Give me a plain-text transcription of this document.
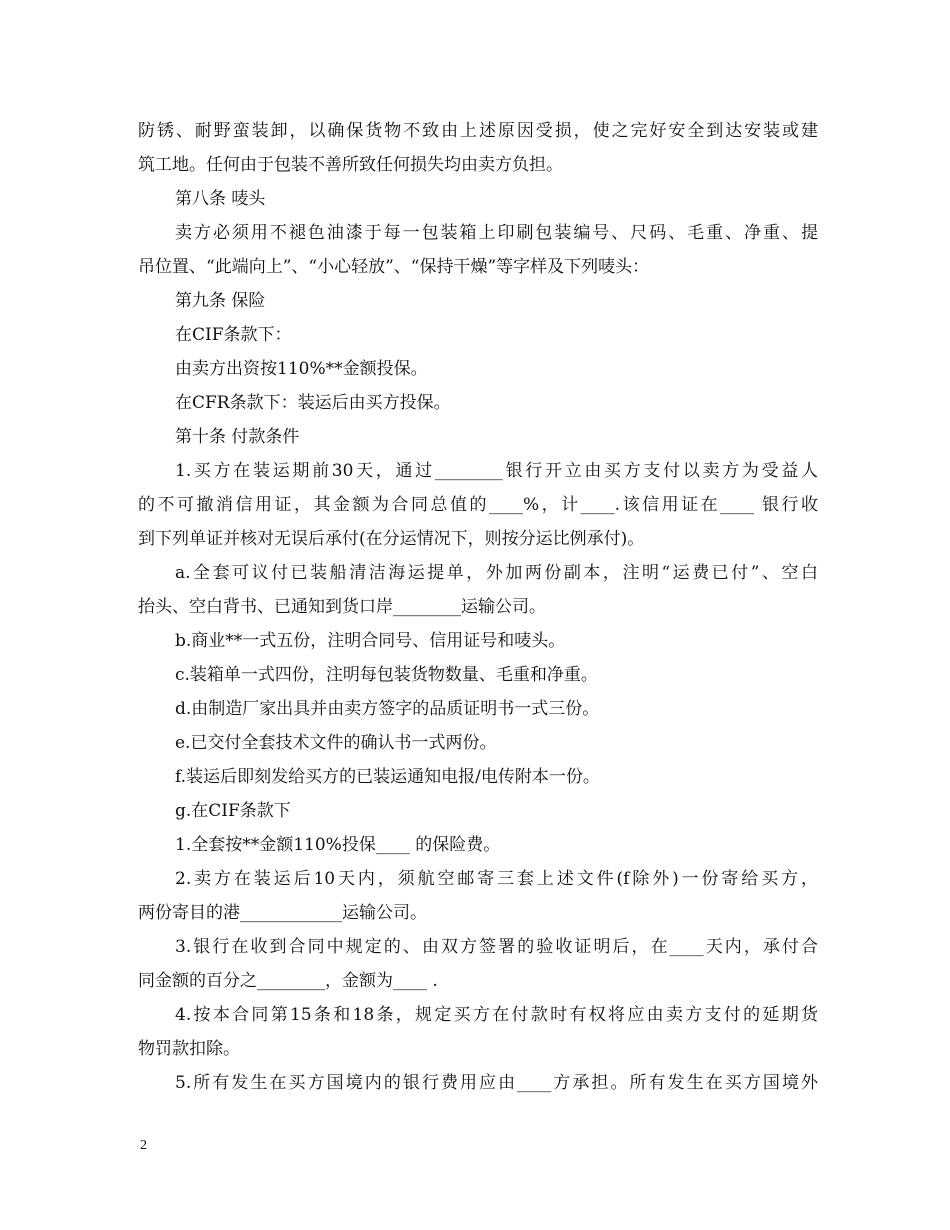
防锈、耐野蛮装卸，以确保货物不致由上述原因受损，使之完好安全到达安装或建

筑工地。任何由于包装不善所致任何损失均由卖方负担。

第八条 唛头

卖方必须用不褪色油漆于每一包装箱上印刷包装编号、尺码、毛重、净重、提

吊位置、“此端向上”、“小心轻放”、“保持干燥”等字样及下列唛头：

第九条 保险

在CIF条款下：

由卖方出资按110%**金额投保。

在CFR条款下：装运后由买方投保。

第十条 付款条件

1.买方在装运期前30天，通过________银行开立由买方支付以卖方为受益人

的不可撤消信用证，其金额为合同总值的____%，计____.该信用证在____ 银行收

到下列单证并核对无误后承付(在分运情况下，则按分运比例承付)。

a.全套可议付已装船清洁海运提单，外加两份副本，注明“运费已付”、空白

抬头、空白背书、已通知到货口岸________运输公司。

b.商业**一式五份，注明合同号、信用证号和唛头。

c.装箱单一式四份，注明每包装货物数量、毛重和净重。

d.由制造厂家出具并由卖方签字的品质证明书一式三份。

e.已交付全套技术文件的确认书一式两份。

f.装运后即刻发给买方的已装运通知电报/电传附本一份。

g.在CIF条款下

1.全套按**金额110%投保____ 的保险费。

2.卖方在装运后10天内，须航空邮寄三套上述文件(f除外)一份寄给买方，

两份寄目的港____________运输公司。

3.银行在收到合同中规定的、由双方签署的验收证明后，在____天内，承付合

同金额的百分之________，金额为____ .

4.按本合同第15条和18条，规定买方在付款时有权将应由卖方支付的延期货

物罚款扣除。

5.所有发生在买方国境内的银行费用应由____方承担。所有发生在买方国境外

2
